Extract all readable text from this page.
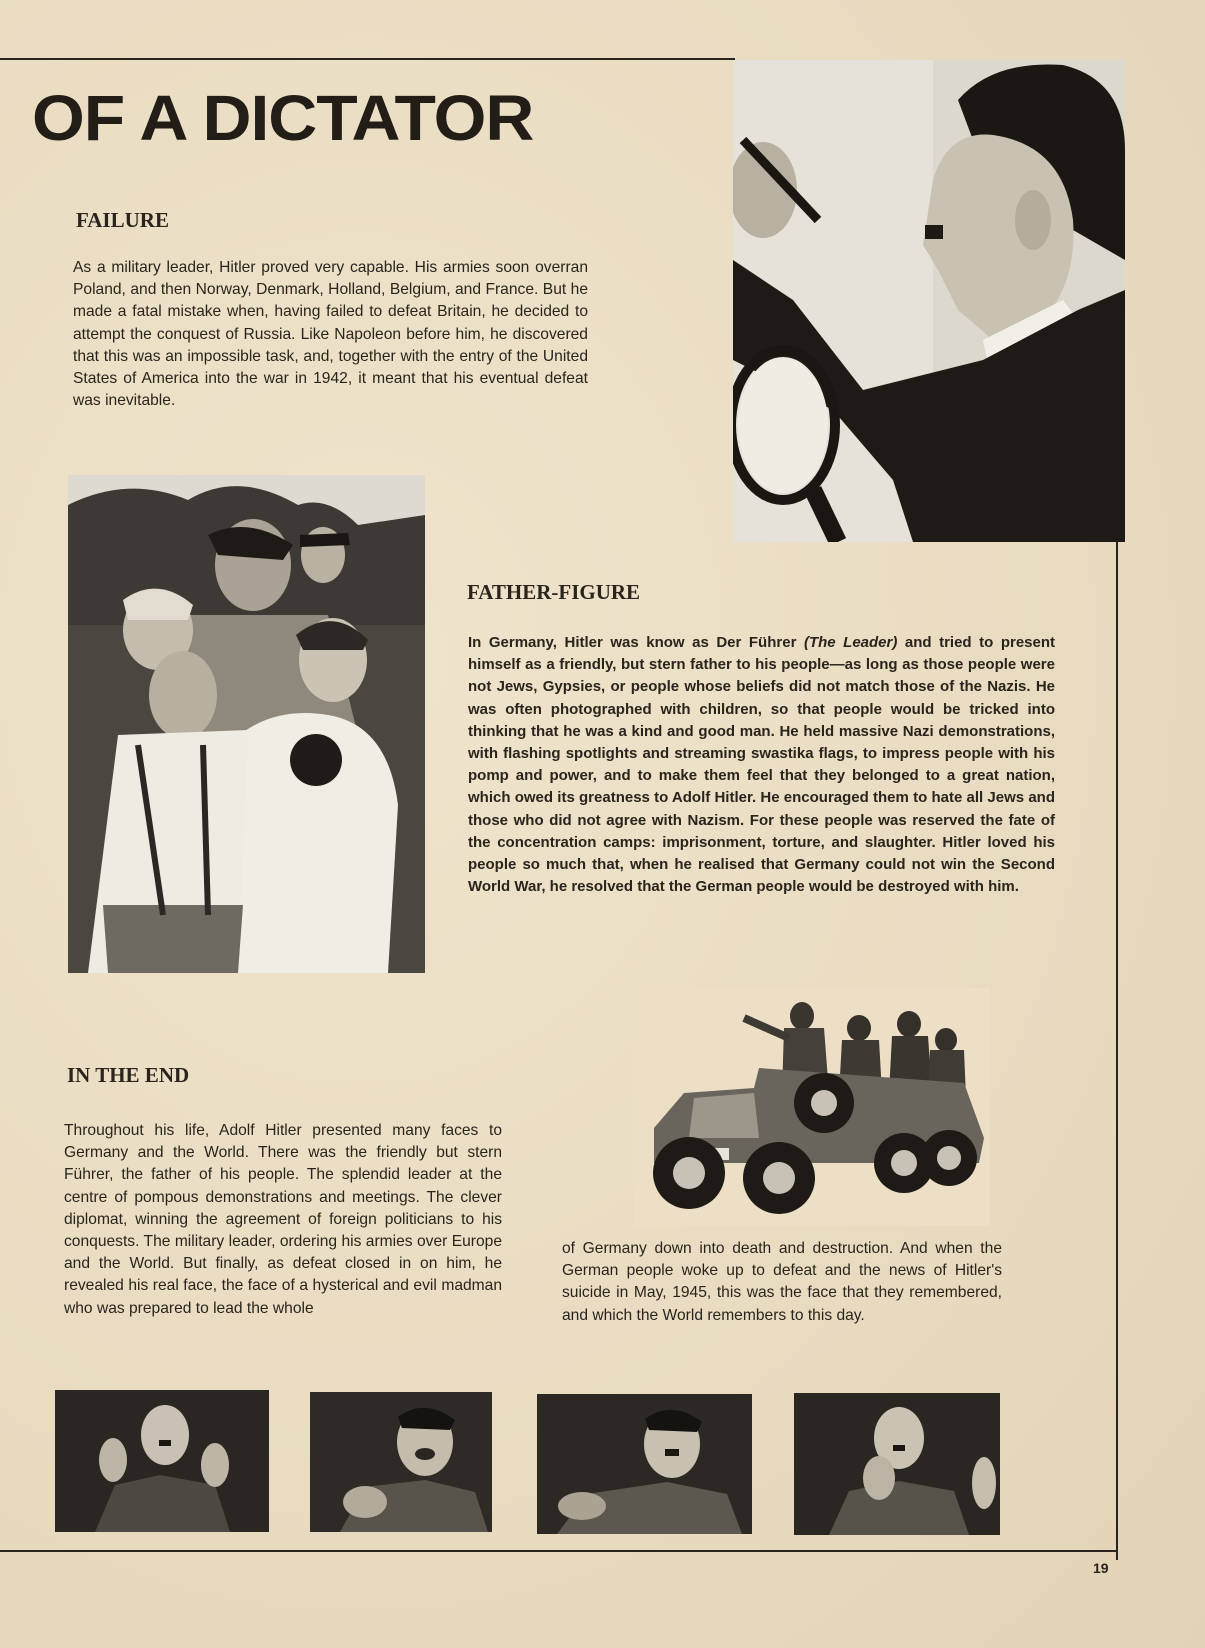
OF A DICTATOR
FAILURE

As a military leader, Hitler proved very capable. His armies soon overran Poland, and then Norway, Denmark, Holland, Belgium, and France. But he made a fatal mistake when, having failed to defeat Britain, he decided to attempt the conquest of Russia. Like Napoleon before him, he discovered that this was an impossible task, and, together with the entry of the United States of America into the war in 1942, it meant that his eventual defeat was inevitable.

FATHER-FIGURE

In Germany, Hitler was know as Der Führer (The Leader) and tried to present himself as a friendly, but stern father to his people—as long as those people were not Jews, Gypsies, or people whose beliefs did not match those of the Nazis. He was often photographed with children, so that people would be tricked into thinking that he was a kind and good man. He held massive Nazi demonstrations, with flashing spotlights and streaming swastika flags, to impress people with his pomp and power, and to make them feel that they belonged to a great nation, which owed its greatness to Adolf Hitler. He encouraged them to hate all Jews and those who did not agree with Nazism. For these people was reserved the fate of the concentration camps: imprisonment, torture, and slaughter. Hitler loved his people so much that, when he realised that Germany could not win the Second World War, he resolved that the German people would be destroyed with him.

IN THE END

Throughout his life, Adolf Hitler presented many faces to Germany and the World. There was the friendly but stern Führer, the father of his people. The splendid leader at the centre of pompous demonstrations and meetings. The clever diplomat, winning the agreement of foreign politicians to his conquests. The military leader, ordering his armies over Europe and the World. But finally, as defeat closed in on him, he revealed his real face, the face of a hysterical and evil madman who was prepared to lead the whole

of Germany down into death and destruction. And when the German people woke up to defeat and the news of Hitler's suicide in May, 1945, this was the face that they remembered, and which the World remembers to this day.

19
